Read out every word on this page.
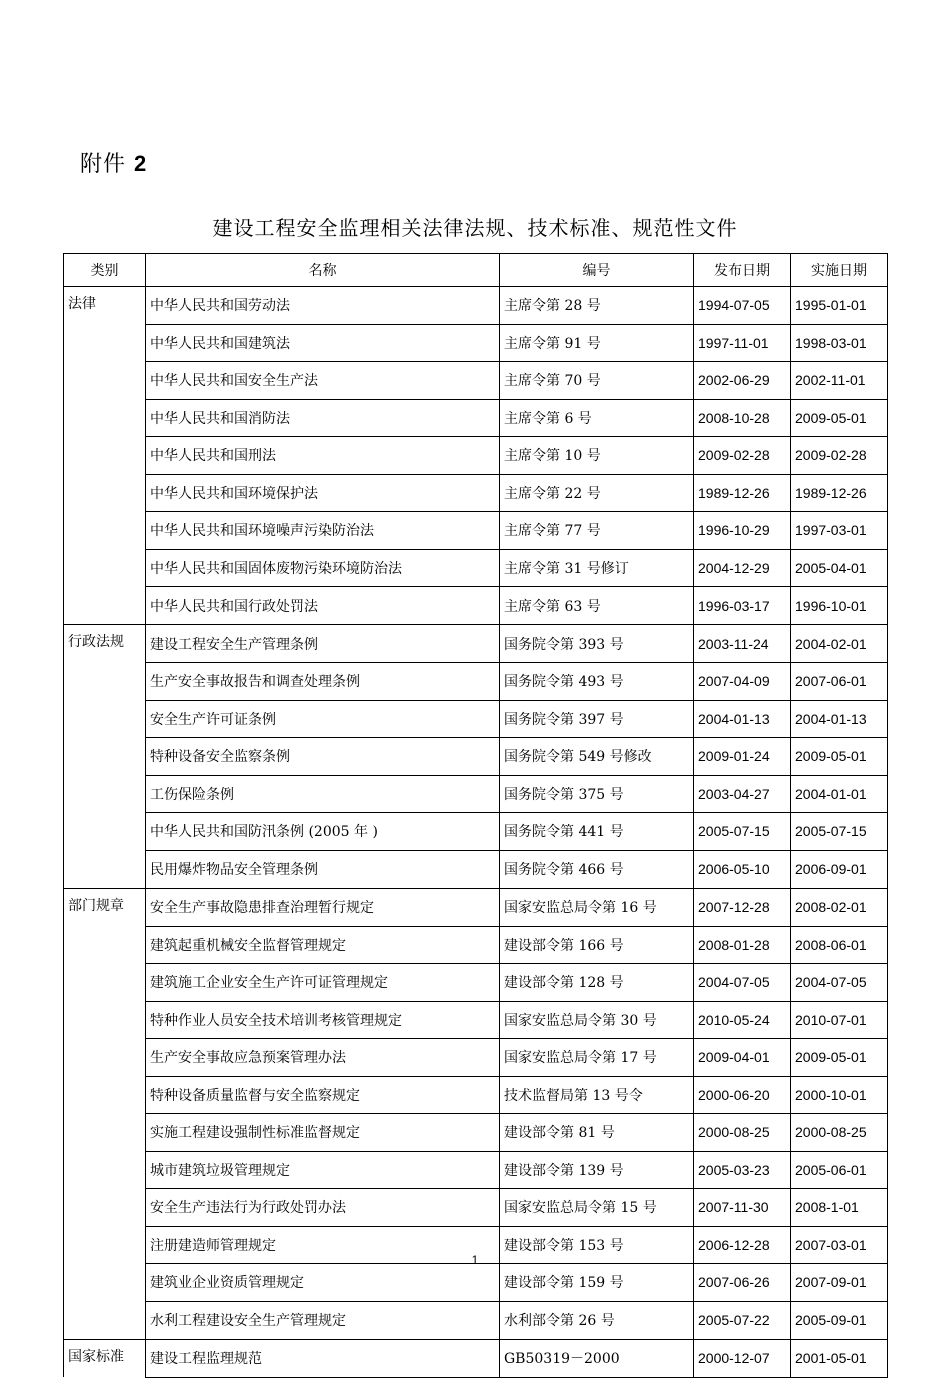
附件 2
建设工程安全监理相关法律法规、技术标准、规范性文件
类别	名称	编号	发布日期	实施日期
法律	中华人民共和国劳动法	主席令第 28 号	1994-07-05	1995-01-01
	中华人民共和国建筑法	主席令第 91 号	1997-11-01	1998-03-01
	中华人民共和国安全生产法	主席令第 70 号	2002-06-29	2002-11-01
	中华人民共和国消防法	主席令第 6 号	2008-10-28	2009-05-01
	中华人民共和国刑法	主席令第 10 号	2009-02-28	2009-02-28
	中华人民共和国环境保护法	主席令第 22 号	1989-12-26	1989-12-26
	中华人民共和国环境噪声污染防治法	主席令第 77 号	1996-10-29	1997-03-01
	中华人民共和国固体废物污染环境防治法	主席令第 31 号修订	2004-12-29	2005-04-01
	中华人民共和国行政处罚法	主席令第 63 号	1996-03-17	1996-10-01
行政法规	建设工程安全生产管理条例	国务院令第 393 号	2003-11-24	2004-02-01
	生产安全事故报告和调查处理条例	国务院令第 493 号	2007-04-09	2007-06-01
	安全生产许可证条例	国务院令第 397 号	2004-01-13	2004-01-13
	特种设备安全监察条例	国务院令第 549 号修改	2009-01-24	2009-05-01
	工伤保险条例	国务院令第 375 号	2003-04-27	2004-01-01
	中华人民共和国防汛条例 (2005 年 )	国务院令第 441 号	2005-07-15	2005-07-15
	民用爆炸物品安全管理条例	国务院令第 466 号	2006-05-10	2006-09-01
部门规章	安全生产事故隐患排查治理暂行规定	国家安监总局令第 16 号	2007-12-28	2008-02-01
	建筑起重机械安全监督管理规定	建设部令第 166 号	2008-01-28	2008-06-01
	建筑施工企业安全生产许可证管理规定	建设部令第 128 号	2004-07-05	2004-07-05
	特种作业人员安全技术培训考核管理规定	国家安监总局令第 30 号	2010-05-24	2010-07-01
	生产安全事故应急预案管理办法	国家安监总局令第 17 号	2009-04-01	2009-05-01
	特种设备质量监督与安全监察规定	技术监督局第 13 号令	2000-06-20	2000-10-01
	实施工程建设强制性标准监督规定	建设部令第 81 号	2000-08-25	2000-08-25
	城市建筑垃圾管理规定	建设部令第 139 号	2005-03-23	2005-06-01
	安全生产违法行为行政处罚办法	国家安监总局令第 15 号	2007-11-30	2008-1-01
	注册建造师管理规定	建设部令第 153 号	2006-12-28	2007-03-01
	建筑业企业资质管理规定	建设部令第 159 号	2007-06-26	2007-09-01
	水利工程建设安全生产管理规定	水利部令第 26 号	2005-07-22	2005-09-01
国家标准	建设工程监理规范	GB50319－2000	2000-12-07	2001-05-01
1
